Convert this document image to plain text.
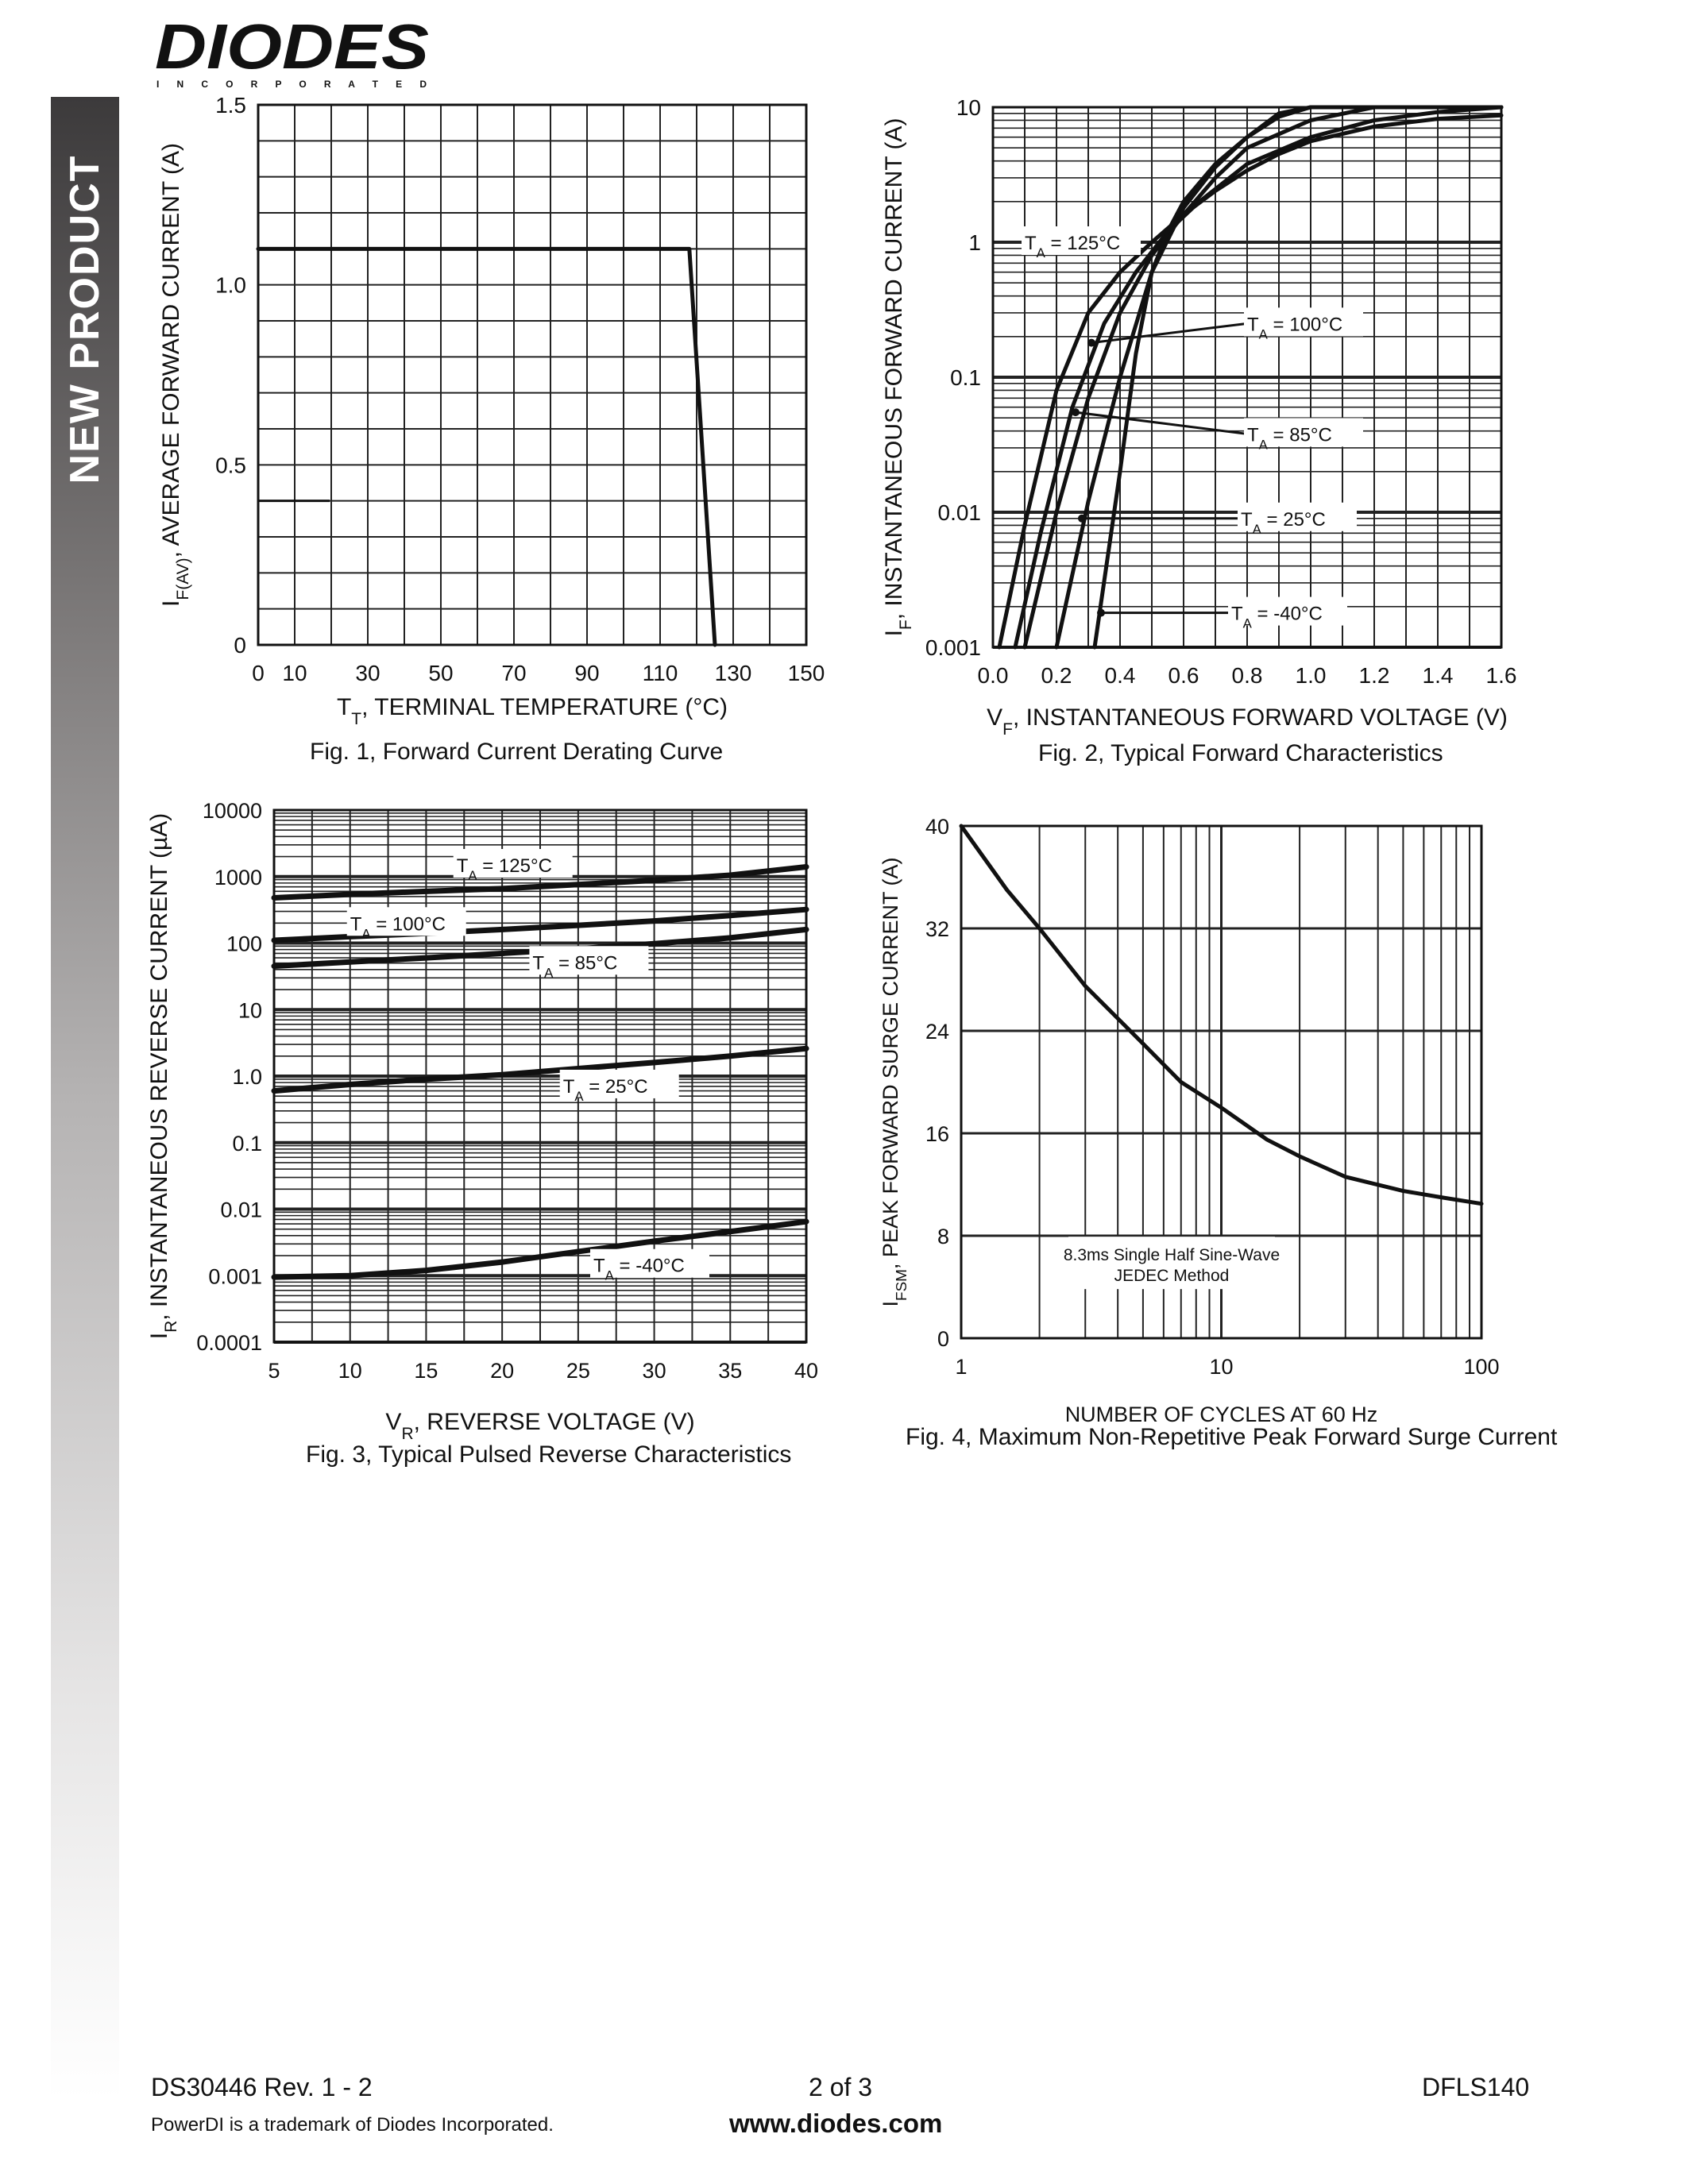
DIODES
I N C O R P O R A T E D
NEW PRODUCT
0 10 30 50 70 90 110 130 150
0
0.5
1.0
1.5
$T_T$, TERMINAL TEMPERATURE (°C)
$I_{F(AV)}$, AVERAGE FORWARD CURRENT (A)
0.0 0.2 0.4 0.6 0.8 1.0 1.2 1.4 1.6
0.001
0.01
0.1
1
10
$V_F$, INSTANTANEOUS FORWARD VOLTAGE (V)
$I_F$, INSTANTANEOUS FORWARD CURRENT (A)	$T_A = 125^\circ C$
$T_A = 100^\circ C$
$T_A = 85^\circ C$
$T_A = 25^\circ C$
$T_A = -40^\circ C$
5	10 15 20 25 30 35 40
0.0001
0.001
0.01
0.1
1.0
10
100
1000
10000
$V_R$, REVERSE VOLTAGE (V)
$I_R$, INSTANTANEOUS REVERSE CURRENT (µA)	$T_A = 125^\circ C$
$T_A = 100^\circ C$
$T_A = 85^\circ C$
$T_A = 25^\circ C$
$T_A = -40^\circ C$
1	10	100
0
8
16
24
32
40
NUMBER OF CYCLES AT 60 Hz
$I_{FSM}$, PEAK FORWARD SURGE CURRENT (A)	8.3ms Single Half Sine-Wave
JEDEC Method
Fig. 1, Forward Current Derating Curve	Fig. 2, Typical Forward Characteristics
Fig. 3, Typical Pulsed Reverse Characteristics
Fig. 4, Maximum Non-Repetitive Peak Forward Surge Current
DS30446 Rev. 1 - 2	2 of 3	DFLS140
PowerDI is a trademark of Diodes Incorporated.	www.diodes.com
